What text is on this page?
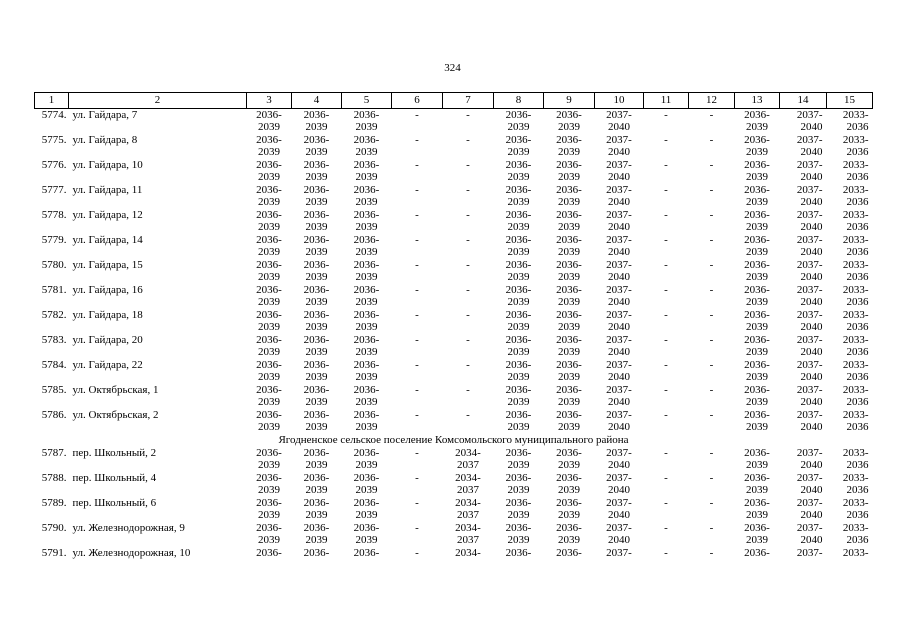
324
1	2	3	4	5	6	7	8	9	10	11	12	13	14	15
5774.	ул. Гайдара, 7	2036-	2036-	2036-	-	-	2036-	2036-	2037-	-	-	2036-	2037-	2033-
		2039	2039	2039			2039	2039	2040			2039	2040	2036
5775.	ул. Гайдара, 8	2036-	2036-	2036-	-	-	2036-	2036-	2037-	-	-	2036-	2037-	2033-
		2039	2039	2039			2039	2039	2040			2039	2040	2036
5776.	ул. Гайдара, 10	2036-	2036-	2036-	-	-	2036-	2036-	2037-	-	-	2036-	2037-	2033-
		2039	2039	2039			2039	2039	2040			2039	2040	2036
5777.	ул. Гайдара, 11	2036-	2036-	2036-	-	-	2036-	2036-	2037-	-	-	2036-	2037-	2033-
		2039	2039	2039			2039	2039	2040			2039	2040	2036
5778.	ул. Гайдара, 12	2036-	2036-	2036-	-	-	2036-	2036-	2037-	-	-	2036-	2037-	2033-
		2039	2039	2039			2039	2039	2040			2039	2040	2036
5779.	ул. Гайдара, 14	2036-	2036-	2036-	-	-	2036-	2036-	2037-	-	-	2036-	2037-	2033-
		2039	2039	2039			2039	2039	2040			2039	2040	2036
5780.	ул. Гайдара, 15	2036-	2036-	2036-	-	-	2036-	2036-	2037-	-	-	2036-	2037-	2033-
		2039	2039	2039			2039	2039	2040			2039	2040	2036
5781.	ул. Гайдара, 16	2036-	2036-	2036-	-	-	2036-	2036-	2037-	-	-	2036-	2037-	2033-
		2039	2039	2039			2039	2039	2040			2039	2040	2036
5782.	ул. Гайдара, 18	2036-	2036-	2036-	-	-	2036-	2036-	2037-	-	-	2036-	2037-	2033-
		2039	2039	2039			2039	2039	2040			2039	2040	2036
5783.	ул. Гайдара, 20	2036-	2036-	2036-	-	-	2036-	2036-	2037-	-	-	2036-	2037-	2033-
		2039	2039	2039			2039	2039	2040			2039	2040	2036
5784.	ул. Гайдара, 22	2036-	2036-	2036-	-	-	2036-	2036-	2037-	-	-	2036-	2037-	2033-
		2039	2039	2039			2039	2039	2040			2039	2040	2036
5785.	ул. Октябрьская, 1	2036-	2036-	2036-	-	-	2036-	2036-	2037-	-	-	2036-	2037-	2033-
		2039	2039	2039			2039	2039	2040			2039	2040	2036
5786.	ул. Октябрьская, 2	2036-	2036-	2036-	-	-	2036-	2036-	2037-	-	-	2036-	2037-	2033-
		2039	2039	2039			2039	2039	2040			2039	2040	2036
Ягодненское сельское поселение Комсомольского муниципального района														
5787.	пер. Школьный, 2	2036-	2036-	2036-	-	2034-	2036-	2036-	2037-	-	-	2036-	2037-	2033-
		2039	2039	2039		2037	2039	2039	2040			2039	2040	2036
5788.	пер. Школьный, 4	2036-	2036-	2036-	-	2034-	2036-	2036-	2037-	-	-	2036-	2037-	2033-
		2039	2039	2039		2037	2039	2039	2040			2039	2040	2036
5789.	пер. Школьный, 6	2036-	2036-	2036-	-	2034-	2036-	2036-	2037-	-	-	2036-	2037-	2033-
		2039	2039	2039		2037	2039	2039	2040			2039	2040	2036
5790.	ул. Железнодорожная, 9	2036-	2036-	2036-	-	2034-	2036-	2036-	2037-	-	-	2036-	2037-	2033-
		2039	2039	2039		2037	2039	2039	2040			2039	2040	2036
5791.	ул. Железнодорожная, 10	2036-	2036-	2036-	-	2034-	2036-	2036-	2037-	-	-	2036-	2037-	2033-
